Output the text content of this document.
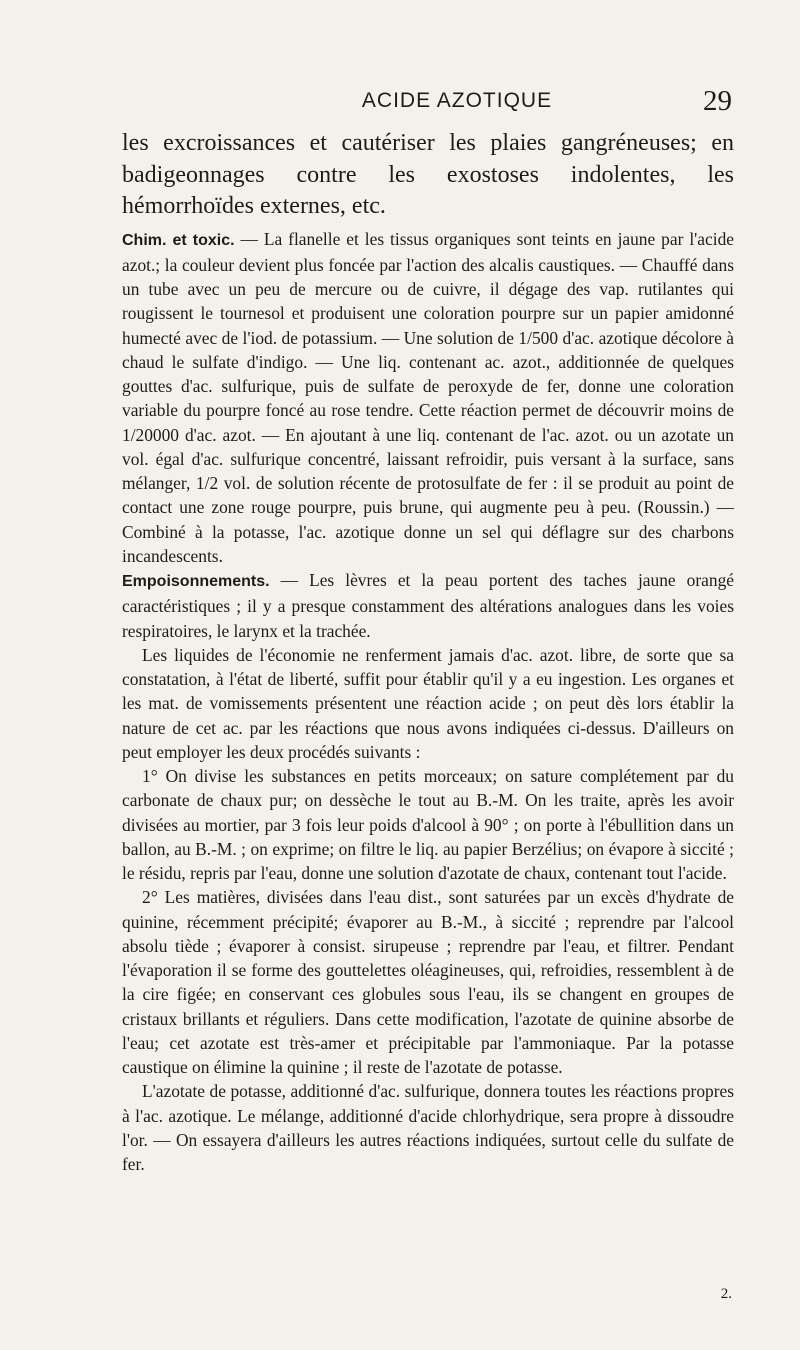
ACIDE AZOTIQUE	29

les excroissances et cautériser les plaies gangréneuses; en badigeonnages contre les exostoses indolentes, les hémorrhoïdes externes, etc.

Chim. et toxic. — La flanelle et les tissus organiques sont teints en jaune par l'acide azot.; la couleur devient plus foncée par l'action des alcalis caustiques. — Chauffé dans un tube avec un peu de mercure ou de cuivre, il dégage des vap. rutilantes qui rougissent le tournesol et produisent une coloration pourpre sur un papier amidonné humecté avec de l'iod. de potassium. — Une solution de 1/500 d'ac. azotique décolore à chaud le sulfate d'indigo. — Une liq. contenant ac. azot., additionnée de quelques gouttes d'ac. sulfurique, puis de sulfate de peroxyde de fer, donne une coloration variable du pourpre foncé au rose tendre. Cette réaction permet de découvrir moins de 1/20000 d'ac. azot. — En ajoutant à une liq. contenant de l'ac. azot. ou un azotate un vol. égal d'ac. sulfurique concentré, laissant refroidir, puis versant à la surface, sans mélanger, 1/2 vol. de solution récente de protosulfate de fer : il se produit au point de contact une zone rouge pourpre, puis brune, qui augmente peu à peu. (Roussin.) — Combiné à la potasse, l'ac. azotique donne un sel qui déflagre sur des charbons incandescents.

Empoisonnements. — Les lèvres et la peau portent des taches jaune orangé caractéristiques ; il y a presque constamment des altérations analogues dans les voies respiratoires, le larynx et la trachée.

Les liquides de l'économie ne renferment jamais d'ac. azot. libre, de sorte que sa constatation, à l'état de liberté, suffit pour établir qu'il y a eu ingestion. Les organes et les mat. de vomissements présentent une réaction acide ; on peut dès lors établir la nature de cet ac. par les réactions que nous avons indiquées ci-dessus. D'ailleurs on peut employer les deux procédés suivants :

1° On divise les substances en petits morceaux; on sature complétement par du carbonate de chaux pur; on dessèche le tout au B.-M. On les traite, après les avoir divisées au mortier, par 3 fois leur poids d'alcool à 90° ; on porte à l'ébullition dans un ballon, au B.-M. ; on exprime; on filtre le liq. au papier Berzélius; on évapore à siccité ; le résidu, repris par l'eau, donne une solution d'azotate de chaux, contenant tout l'acide.

2° Les matières, divisées dans l'eau dist., sont saturées par un excès d'hydrate de quinine, récemment précipité; évaporer au B.-M., à siccité ; reprendre par l'alcool absolu tiède ; évaporer à consist. sirupeuse ; reprendre par l'eau, et filtrer. Pendant l'évaporation il se forme des gouttelettes oléagineuses, qui, refroidies, ressemblent à de la cire figée; en conservant ces globules sous l'eau, ils se changent en groupes de cristaux brillants et réguliers. Dans cette modification, l'azotate de quinine absorbe de l'eau; cet azotate est très-amer et précipitable par l'ammoniaque. Par la potasse caustique on élimine la quinine ; il reste de l'azotate de potasse.

L'azotate de potasse, additionné d'ac. sulfurique, donnera toutes les réactions propres à l'ac. azotique. Le mélange, additionné d'acide chlorhydrique, sera propre à dissoudre l'or. — On essayera d'ailleurs les autres réactions indiquées, surtout celle du sulfate de fer.

2.
